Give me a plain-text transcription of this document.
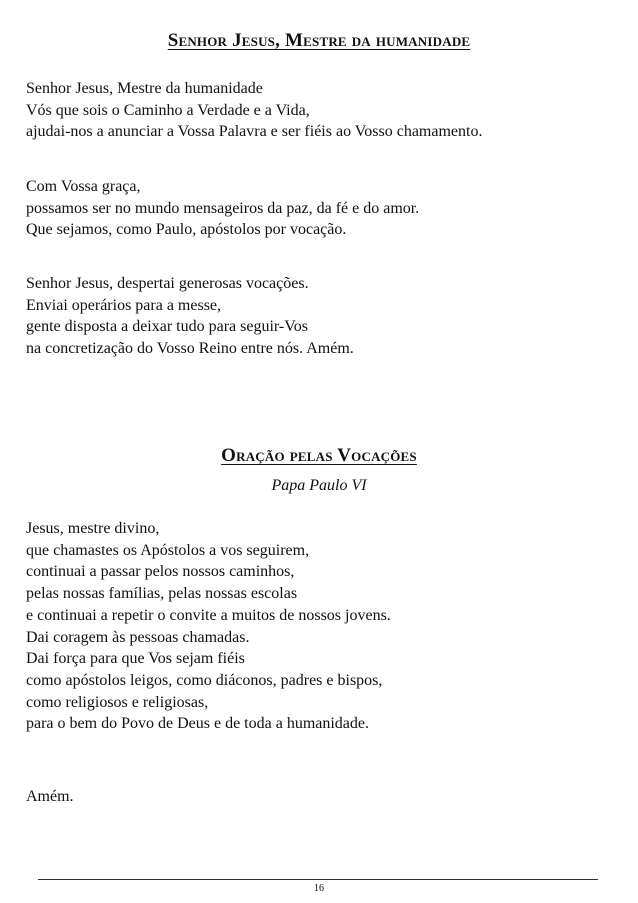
Senhor Jesus, Mestre da humanidade
Senhor Jesus, Mestre da humanidade
Vós que sois o Caminho a Verdade e a Vida,
ajudai-nos a anunciar a Vossa Palavra e ser fiéis ao Vosso chamamento.
Com Vossa graça,
possamos ser no mundo mensageiros da paz, da fé e do amor.
Que sejamos, como Paulo, apóstolos por vocação.
Senhor Jesus, despertai generosas vocações.
Enviai operários para a messe,
gente disposta a deixar tudo para seguir-Vos
na concretização do Vosso Reino entre nós. Amém.
Oração pelas Vocações

Papa Paulo VI

Jesus, mestre divino,
que chamastes os Apóstolos a vos seguirem,
continuai a passar pelos nossos caminhos,
pelas nossas famílias, pelas nossas escolas
e continuai a repetir o convite a muitos de nossos jovens.
Dai coragem às pessoas chamadas.
Dai força para que Vos sejam fiéis
como apóstolos leigos, como diáconos, padres e bispos,
como religiosos e religiosas,
para o bem do Povo de Deus e de toda a humanidade.
Amém.
16
